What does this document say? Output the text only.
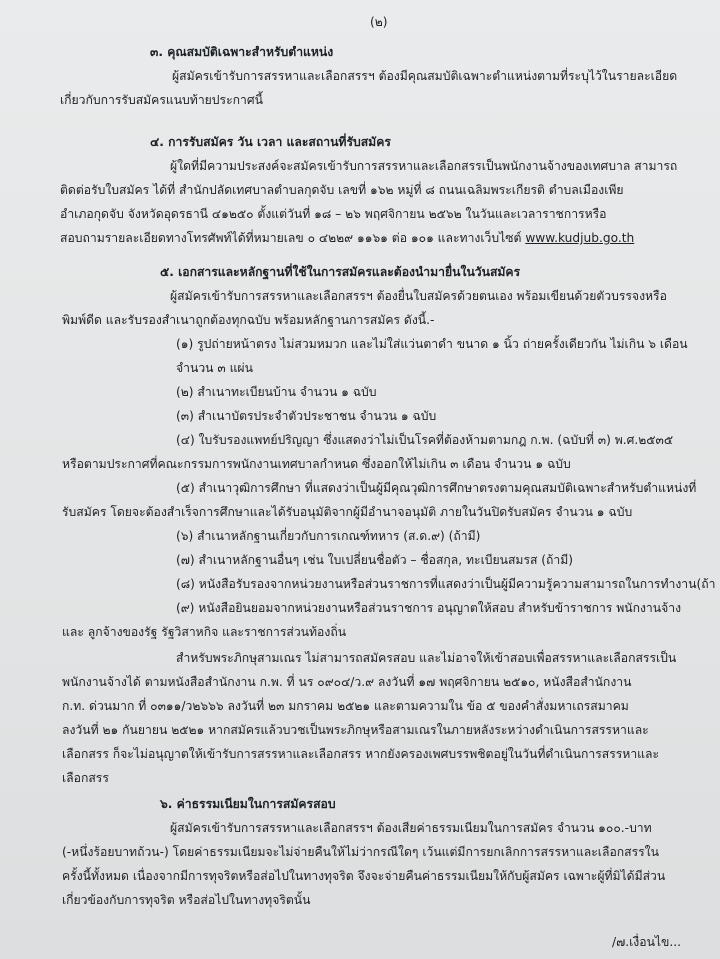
(๒)
๓. คุณสมบัติเฉพาะสำหรับตำแหน่ง
ผู้สมัครเข้ารับการสรรหาและเลือกสรรฯ ต้องมีคุณสมบัติเฉพาะตำแหน่งตามที่ระบุไว้ในรายละเอียด
เกี่ยวกับการรับสมัครแนบท้ายประกาศนี้
๔. การรับสมัคร วัน เวลา และสถานที่รับสมัคร
ผู้ใดที่มีความประสงค์จะสมัครเข้ารับการสรรหาและเลือกสรรเป็นพนักงานจ้างของเทศบาล สามารถ
ติดต่อรับใบสมัคร ได้ที่ สำนักปลัดเทศบาลตำบลกุดจับ เลขที่ ๑๖๒ หมู่ที่ ๘ ถนนเฉลิมพระเกียรติ ตำบลเมืองเพีย
อำเภอกุดจับ จังหวัดอุดรธานี ๔๑๒๕๐ ตั้งแต่วันที่ ๑๘ – ๒๖ พฤศจิกายน ๒๕๖๒ ในวันและเวลาราชการหรือ
สอบถามรายละเอียดทางโทรศัพท์ได้ที่หมายเลข ๐ ๔๒๒๙ ๑๑๖๑ ต่อ ๑๐๑ และทางเว็บไซต์ www.kudjub.go.th
๕. เอกสารและหลักฐานที่ใช้ในการสมัครและต้องนำมายื่นในวันสมัคร
ผู้สมัครเข้ารับการสรรหาและเลือกสรรฯ ต้องยื่นใบสมัครด้วยตนเอง พร้อมเขียนด้วยตัวบรรจงหรือ
พิมพ์ดีด และรับรองสำเนาถูกต้องทุกฉบับ พร้อมหลักฐานการสมัคร ดังนี้.-
(๑) รูปถ่ายหน้าตรง ไม่สวมหมวก และไม่ใส่แว่นตาดำ ขนาด ๑ นิ้ว ถ่ายครั้งเดียวกัน ไม่เกิน ๖ เดือน
จำนวน ๓ แผ่น
(๒) สำเนาทะเบียนบ้าน จำนวน ๑ ฉบับ
(๓) สำเนาบัตรประจำตัวประชาชน จำนวน ๑ ฉบับ
(๔) ใบรับรองแพทย์ปริญญา ซึ่งแสดงว่าไม่เป็นโรคที่ต้องห้ามตามกฎ ก.พ. (ฉบับที่ ๓) พ.ศ.๒๕๓๕
หรือตามประกาศที่คณะกรรมการพนักงานเทศบาลกำหนด ซึ่งออกให้ไม่เกิน ๓ เดือน จำนวน ๑ ฉบับ
(๕) สำเนาวุฒิการศึกษา ที่แสดงว่าเป็นผู้มีคุณวุฒิการศึกษาตรงตามคุณสมบัติเฉพาะสำหรับตำแหน่งที่
รับสมัคร โดยจะต้องสำเร็จการศึกษาและได้รับอนุมัติจากผู้มีอำนาจอนุมัติ ภายในวันปิดรับสมัคร จำนวน ๑ ฉบับ
(๖) สำเนาหลักฐานเกี่ยวกับการเกณฑ์ทหาร (ส.ด.๙) (ถ้ามี)
(๗) สำเนาหลักฐานอื่นๆ เช่น ใบเปลี่ยนชื่อตัว – ชื่อสกุล, ทะเบียนสมรส (ถ้ามี)
(๘) หนังสือรับรองจากหน่วยงานหรือส่วนราชการที่แสดงว่าเป็นผู้มีความรู้ความสามารถในการทำงาน(ถ้า
(๙) หนังสือยินยอมจากหน่วยงานหรือส่วนราชการ อนุญาตให้สอบ สำหรับข้าราชการ พนักงานจ้าง
และ ลูกจ้างของรัฐ รัฐวิสาหกิจ และราชการส่วนท้องถิ่น
สำหรับพระภิกษุสามเณร ไม่สามารถสมัครสอบ และไม่อาจให้เข้าสอบเพื่อสรรหาและเลือกสรรเป็น
พนักงานจ้างได้ ตามหนังสือสำนักงาน ก.พ. ที่ นร ๐๙๐๔/ว.๙ ลงวันที่ ๑๗ พฤศจิกายน ๒๕๑๐, หนังสือสำนักงาน
ก.ท. ด่วนมาก ที่ ๐๓๑๑/ว๒๖๖๖ ลงวันที่ ๒๓ มกราคม ๒๕๒๑ และตามความใน ข้อ ๕ ของคำสั่งมหาเถรสมาคม
ลงวันที่ ๒๑ กันยายน ๒๕๒๑ หากสมัครแล้วบวชเป็นพระภิกษุหรือสามเณรในภายหลังระหว่างดำเนินการสรรหาและ
เลือกสรร ก็จะไม่อนุญาตให้เข้ารับการสรรหาและเลือกสรร หากยังครองเพศบรรพชิตอยู่ในวันที่ดำเนินการสรรหาและ
เลือกสรร
๖. ค่าธรรมเนียมในการสมัครสอบ
ผู้สมัครเข้ารับการสรรหาและเลือกสรรฯ ต้องเสียค่าธรรมเนียมในการสมัคร จำนวน ๑๐๐.-บาท
(-หนึ่งร้อยบาทถ้วน-) โดยค่าธรรมเนียมจะไม่จ่ายคืนให้ไม่ว่ากรณีใดๆ เว้นแต่มีการยกเลิกการสรรหาและเลือกสรรใน
ครั้งนี้ทั้งหมด เนื่องจากมีการทุจริตหรือส่อไปในทางทุจริต จึงจะจ่ายคืนค่าธรรมเนียมให้กับผู้สมัคร เฉพาะผู้ที่มิได้มีส่วน
เกี่ยวข้องกับการทุจริต หรือส่อไปในทางทุจริตนั้น
/๗.เงื่อนไข...
